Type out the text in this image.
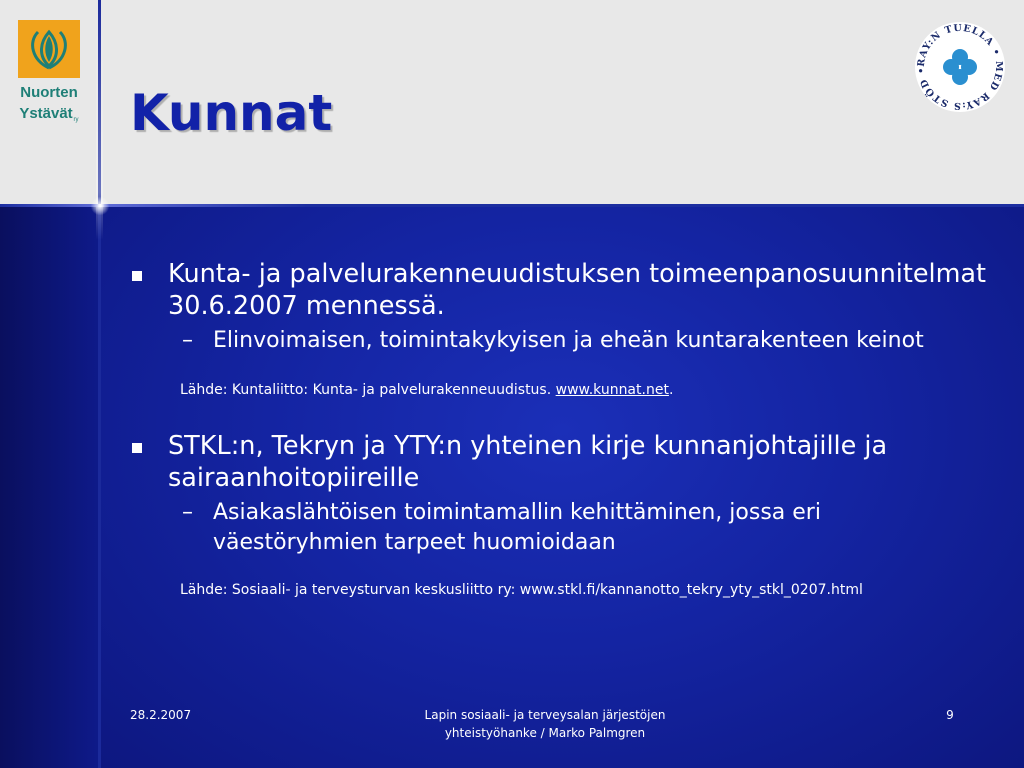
Nuorten
Ystävät ry
RAY:N TUELLA • MED RAY:S STÖD •
Kunnat
Kunta- ja palvelurakenneuudistuksen toimeenpanosuunnitelmat 30.6.2007 mennessä.
– Elinvoimaisen, toimintakykyisen ja eheän kuntarakenteen keinot
Lähde: Kuntaliitto: Kunta- ja palvelurakenneuudistus. www.kunnat.net.
STKL:n, Tekryn ja YTY:n yhteinen kirje kunnanjohtajille ja sairaanhoitopiireille
– Asiakaslähtöisen toimintamallin kehittäminen, jossa eri väestöryhmien tarpeet huomioidaan
Lähde: Sosiaali- ja terveysturvan keskusliitto ry: www.stkl.fi/kannanotto_tekry_yty_stkl_0207.html
28.2.2007	Lapin sosiaali- ja terveysalan järjestöjen
yhteistyöhanke / Marko Palmgren
9
